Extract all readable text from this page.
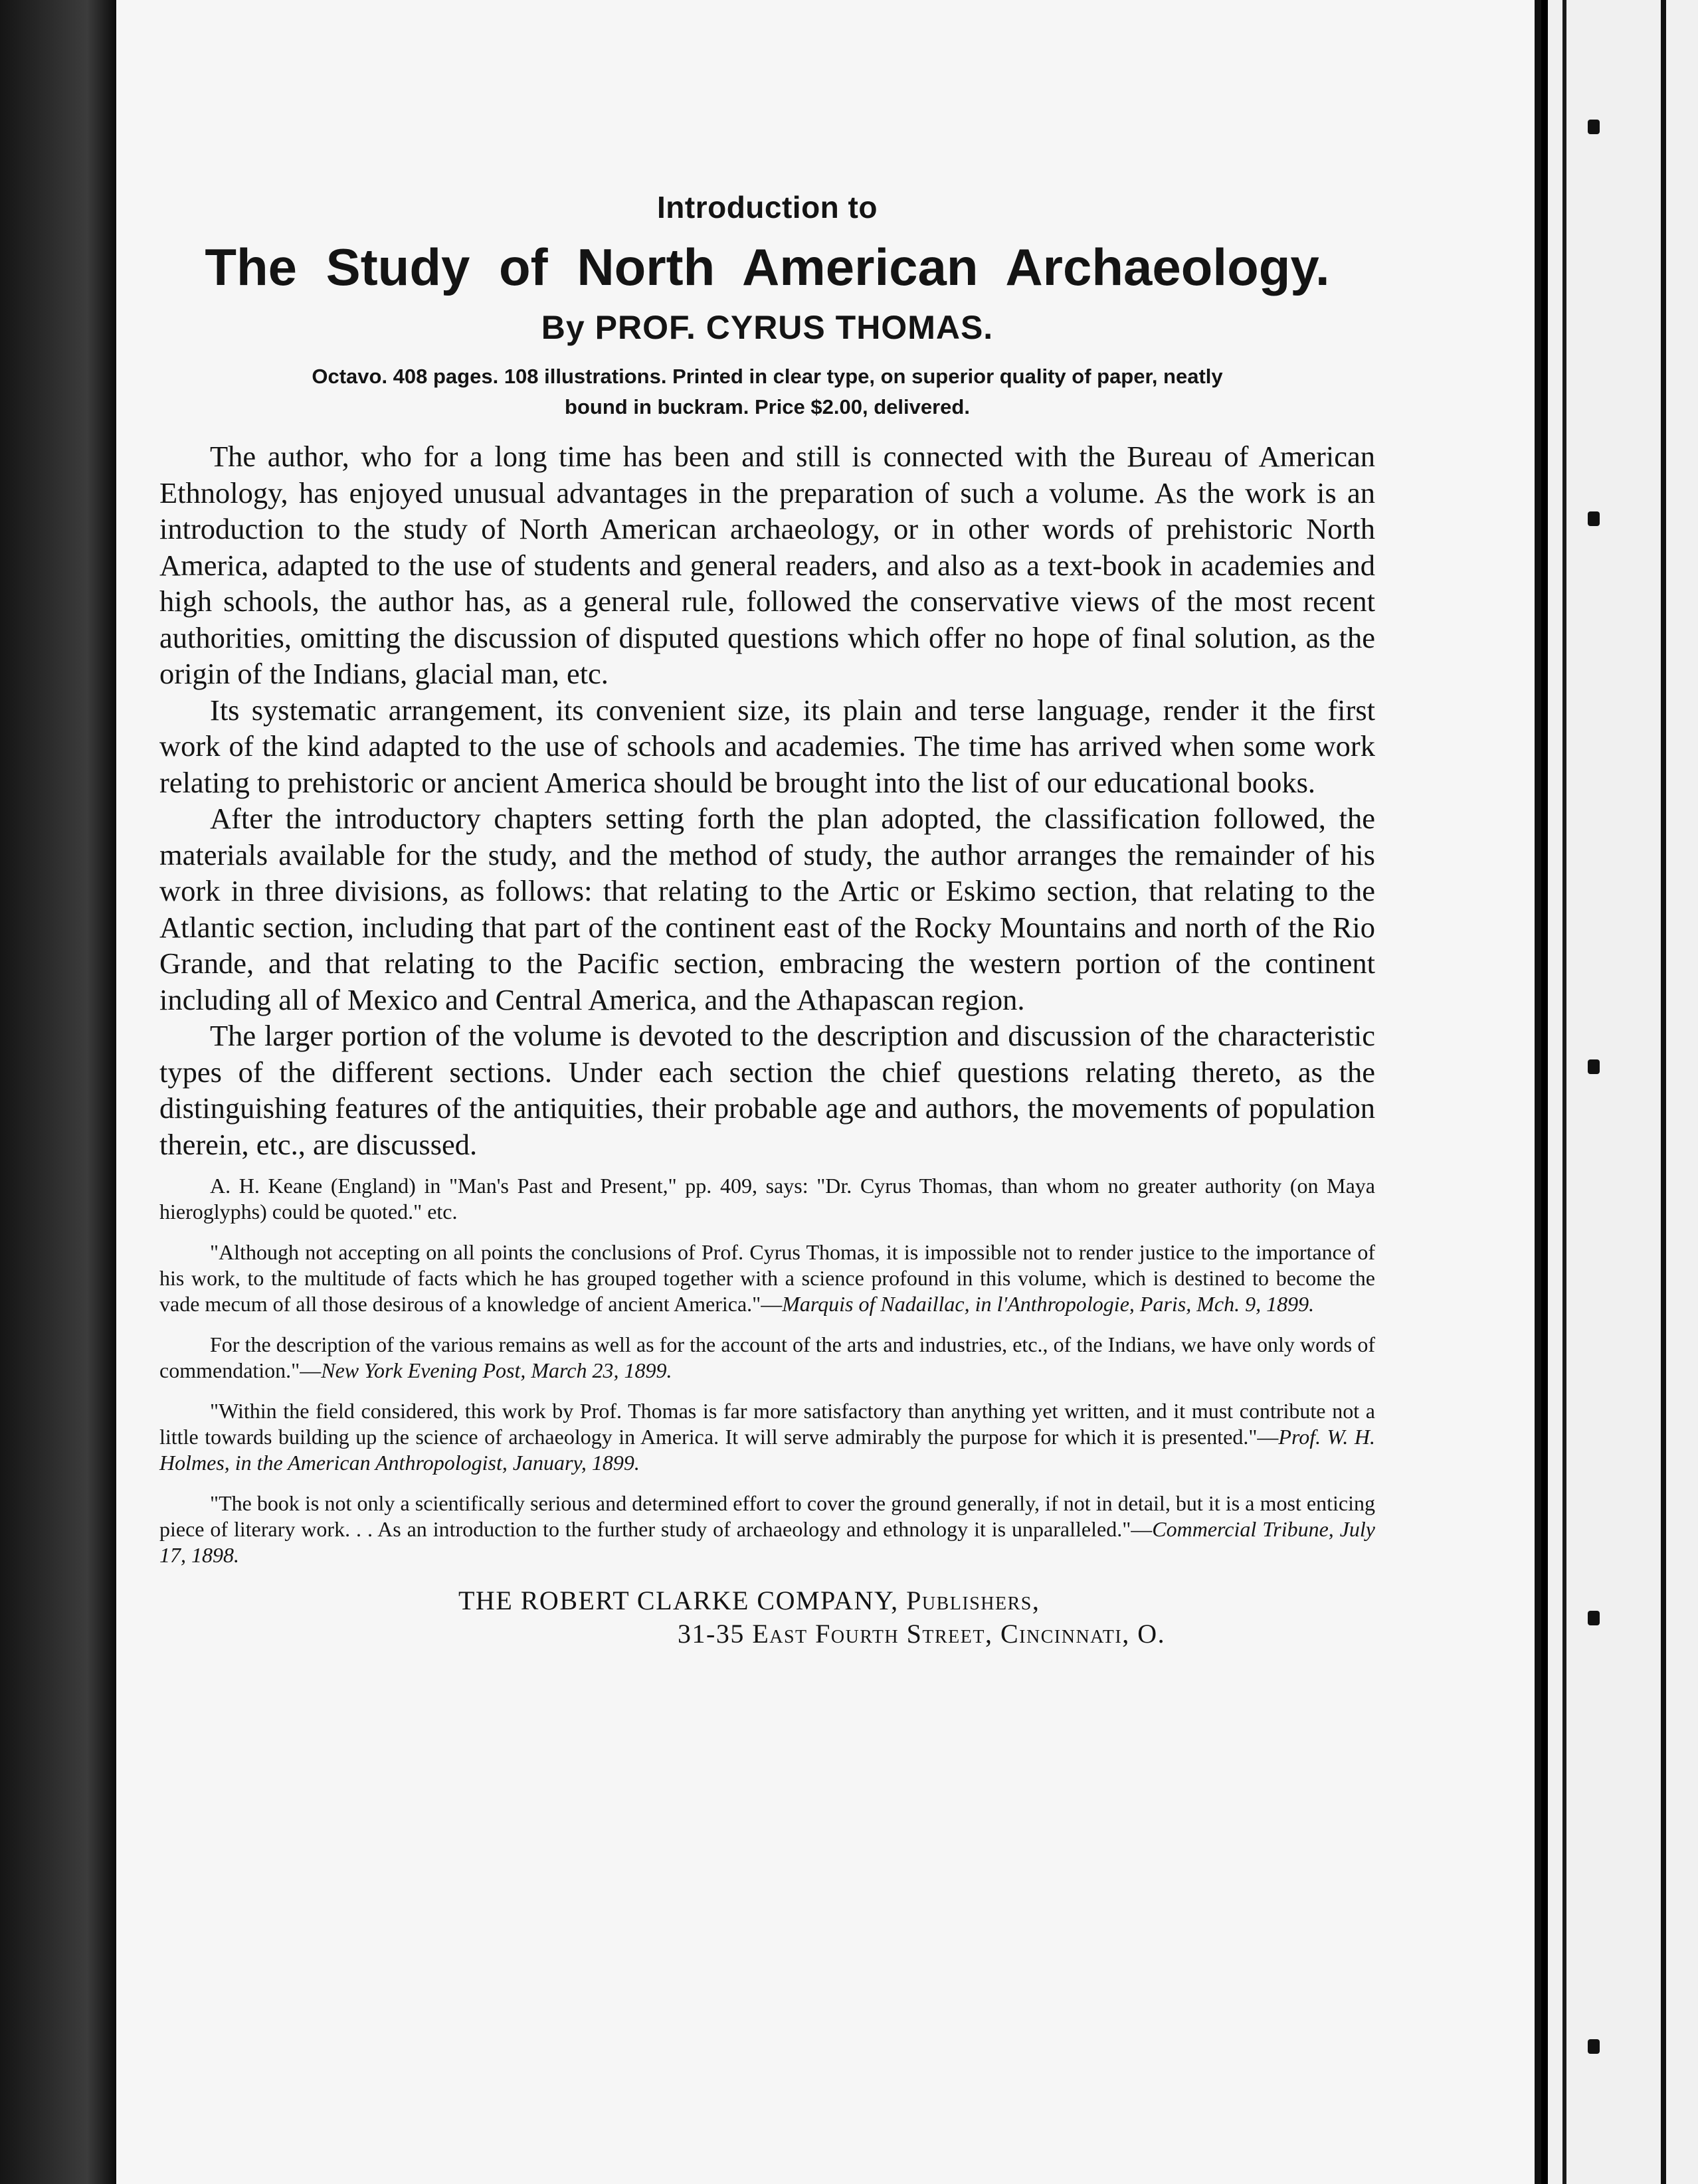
Introduction to
The Study of North American Archaeology.
By PROF. CYRUS THOMAS.
Octavo. 408 pages. 108 illustrations. Printed in clear type, on superior quality of paper, neatly
bound in buckram. Price $2.00, delivered.

The author, who for a long time has been and still is connected with the Bureau of American Ethnology, has enjoyed unusual advantages in the preparation of such a volume. As the work is an introduction to the study of North American archaeology, or in other words of prehistoric North America, adapted to the use of students and general readers, and also as a text-book in academies and high schools, the author has, as a general rule, followed the conservative views of the most recent authorities, omitting the discussion of disputed questions which offer no hope of final solution, as the origin of the Indians, glacial man, etc.

Its systematic arrangement, its convenient size, its plain and terse language, render it the first work of the kind adapted to the use of schools and academies. The time has arrived when some work relating to prehistoric or ancient America should be brought into the list of our educational books.

After the introductory chapters setting forth the plan adopted, the classification followed, the materials available for the study, and the method of study, the author arranges the remainder of his work in three divisions, as follows: that relating to the Artic or Eskimo section, that relating to the Atlantic section, including that part of the continent east of the Rocky Mountains and north of the Rio Grande, and that relating to the Pacific section, embracing the western portion of the continent including all of Mexico and Central America, and the Athapascan region.

The larger portion of the volume is devoted to the description and discussion of the characteristic types of the different sections. Under each section the chief questions relating thereto, as the distinguishing features of the antiquities, their probable age and authors, the movements of population therein, etc., are discussed.

A. H. Keane (England) in "Man's Past and Present," pp. 409, says: "Dr. Cyrus Thomas, than whom no greater authority (on Maya hieroglyphs) could be quoted." etc.

"Although not accepting on all points the conclusions of Prof. Cyrus Thomas, it is impossible not to render justice to the importance of his work, to the multitude of facts which he has grouped together with a science profound in this volume, which is destined to become the vade mecum of all those desirous of a knowledge of ancient America."—Marquis of Nadaillac, in l'Anthropologie, Paris, Mch. 9, 1899.

For the description of the various remains as well as for the account of the arts and industries, etc., of the Indians, we have only words of commendation."—New York Evening Post, March 23, 1899.

"Within the field considered, this work by Prof. Thomas is far more satisfactory than anything yet written, and it must contribute not a little towards building up the science of archaeology in America. It will serve admirably the purpose for which it is presented."—Prof. W. H. Holmes, in the American Anthropologist, January, 1899.

"The book is not only a scientifically serious and determined effort to cover the ground generally, if not in detail, but it is a most enticing piece of literary work. . . As an introduction to the further study of archaeology and ethnology it is unparalleled."—Commercial Tribune, July 17, 1898.

THE ROBERT CLARKE COMPANY, Publishers,
31-35 East Fourth Street, Cincinnati, O.
